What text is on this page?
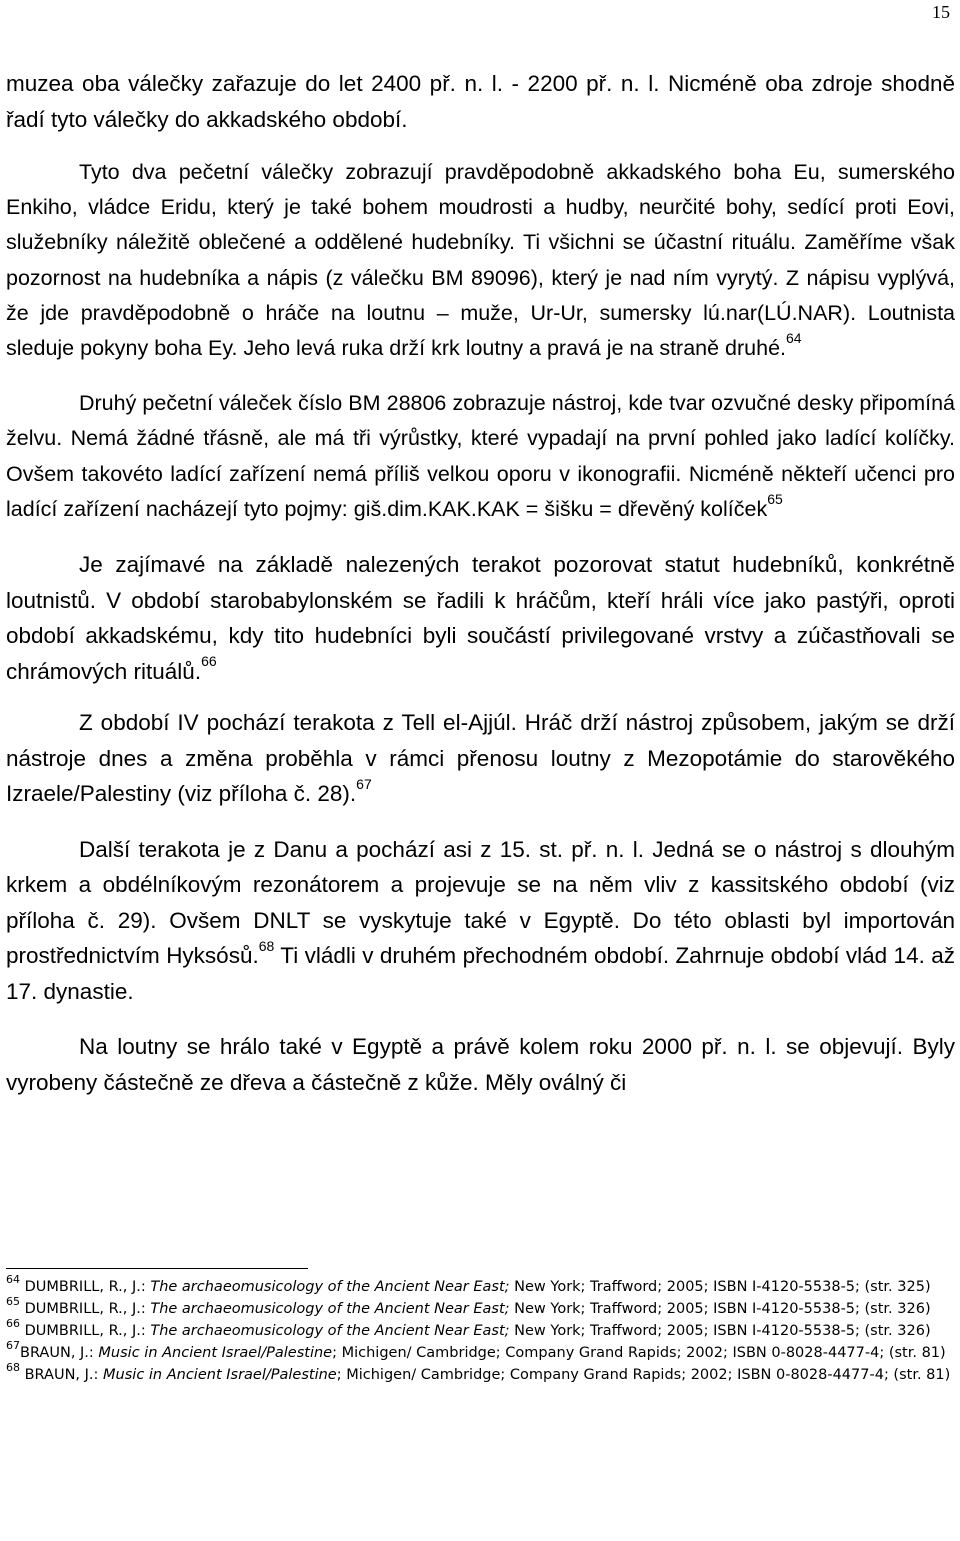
15

muzea oba válečky zařazuje do let 2400 př. n. l. - 2200 př. n. l. Nicméně oba zdroje shodně řadí tyto válečky do akkadského období.

Tyto dva pečetní válečky zobrazují pravděpodobně akkadského boha Eu, sumerského Enkiho, vládce Eridu, který je také bohem moudrosti a hudby, neurčité bohy, sedící proti Eovi, služebníky náležitě oblečené a oddělené hudebníky. Ti všichni se účastní rituálu. Zaměříme však pozornost na hudebníka a nápis (z válečku BM 89096), který je nad ním vyrytý. Z nápisu vyplývá, že jde pravděpodobně o hráče na loutnu – muže, Ur-Ur, sumersky lú.nar(LÚ.NAR). Loutnista sleduje pokyny boha Ey. Jeho levá ruka drží krk loutny a pravá je na straně druhé.$^{64}$

Druhý pečetní váleček číslo BM 28806 zobrazuje nástroj, kde tvar ozvučné desky připomíná želvu. Nemá žádné třásně, ale má tři výrůstky, které vypadají na první pohled jako ladící kolíčky. Ovšem takovéto ladící zařízení nemá příliš velkou oporu v ikonografii. Nicméně někteří učenci pro ladící zařízení nacházejí tyto pojmy: giš.dim.KAK.KAK = šišku = dřevěný kolíček$^{65}$

Je zajímavé na základě nalezených terakot pozorovat statut hudebníků, konkrétně loutnistů. V období starobabylonském se řadili k hráčům, kteří hráli více jako pastýři, oproti období akkadskému, kdy tito hudebníci byli součástí privilegované vrstvy a zúčastňovali se chrámových rituálů.$^{66}$

Z období IV pochází terakota z Tell el-Ajjúl. Hráč drží nástroj způsobem, jakým se drží nástroje dnes a změna proběhla v rámci přenosu loutny z Mezopotámie do starověkého Izraele/Palestiny (viz příloha č. 28).$^{67}$

Další terakota je z Danu a pochází asi z 15. st. př. n. l. Jedná se o nástroj s dlouhým krkem a obdélníkovým rezonátorem a projevuje se na něm vliv z kassitského období (viz příloha č. 29). Ovšem DNLT se vyskytuje také v Egyptě. Do této oblasti byl importován prostřednictvím Hyksósů.$^{68}$ Ti vládli v druhém přechodném období. Zahrnuje období vlád 14. až 17. dynastie.

Na loutny se hrálo také v Egyptě a právě kolem roku 2000 př. n. l. se objevují. Byly vyrobeny částečně ze dřeva a částečně z kůže. Měly oválný či

$^{64}$ DUMBRILL, R., J.: The archaeomusicology of the Ancient Near East; New York; Traffword; 2005; ISBN I-4120-5538-5; (str. 325)

$^{65}$ DUMBRILL, R., J.: The archaeomusicology of the Ancient Near East; New York; Traffword; 2005; ISBN I-4120-5538-5; (str. 326)

$^{66}$ DUMBRILL, R., J.: The archaeomusicology of the Ancient Near East; New York; Traffword; 2005; ISBN I-4120-5538-5; (str. 326)

$^{67}$BRAUN, J.: Music in Ancient Israel/Palestine; Michigen/ Cambridge; Company Grand Rapids; 2002; ISBN 0-8028-4477-4; (str. 81)

$^{68}$ BRAUN, J.: Music in Ancient Israel/Palestine; Michigen/ Cambridge; Company Grand Rapids; 2002; ISBN 0-8028-4477-4; (str. 81)
